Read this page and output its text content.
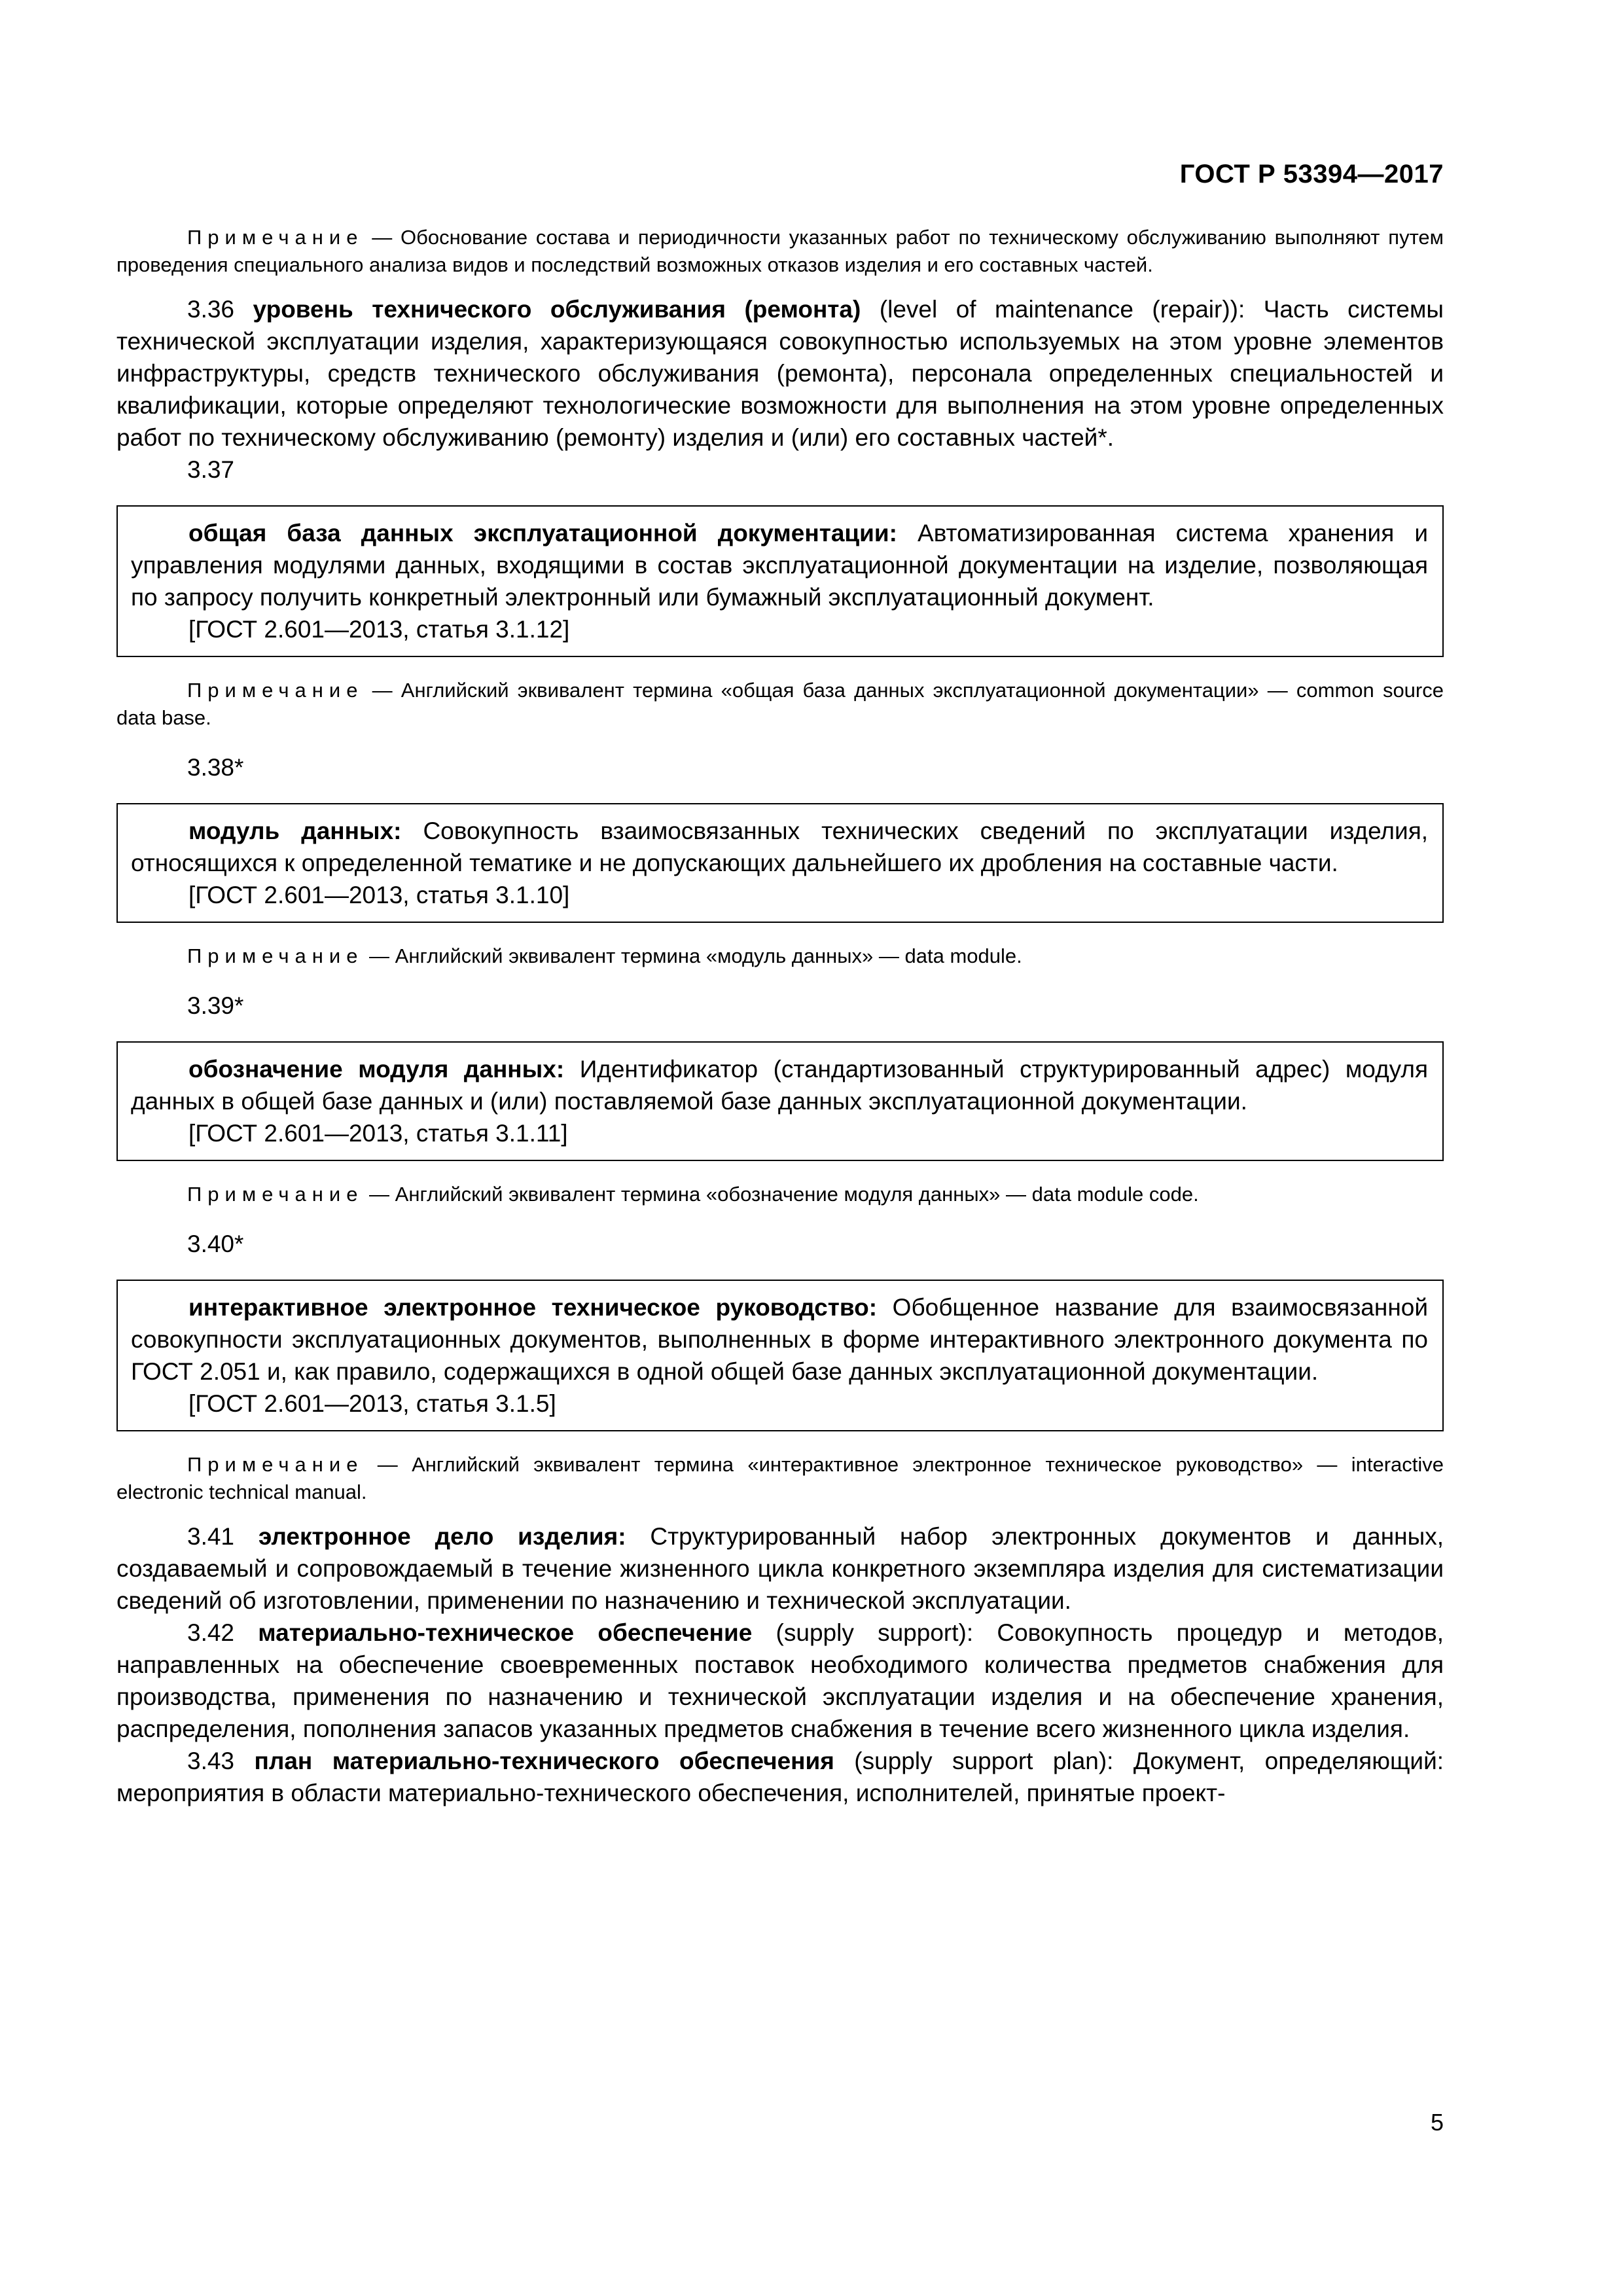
ГОСТ Р 53394—2017

Примечание — Обоснование состава и периодичности указанных работ по техническому обслуживанию выполняют путем проведения специального анализа видов и последствий возможных отказов изделия и его составных частей.

3.36 уровень технического обслуживания (ремонта) (level of maintenance (repair)): Часть системы технической эксплуатации изделия, характеризующаяся совокупностью используемых на этом уровне элементов инфраструктуры, средств технического обслуживания (ремонта), персонала определенных специальностей и квалификации, которые определяют технологические возможности для выполнения на этом уровне определенных работ по техническому обслуживанию (ремонту) изделия и (или) его составных частей*.

3.37

общая база данных эксплуатационной документации: Автоматизированная система хранения и управления модулями данных, входящими в состав эксплуатационной документации на изделие, позволяющая по запросу получить конкретный электронный или бумажный эксплуатационный документ.

[ГОСТ 2.601—2013, статья 3.1.12]

Примечание — Английский эквивалент термина «общая база данных эксплуатационной документации» — common source data base.

3.38*

модуль данных: Совокупность взаимосвязанных технических сведений по эксплуатации изделия, относящихся к определенной тематике и не допускающих дальнейшего их дробления на составные части.

[ГОСТ 2.601—2013, статья 3.1.10]

Примечание — Английский эквивалент термина «модуль данных» — data module.

3.39*

обозначение модуля данных: Идентификатор (стандартизованный структурированный адрес) модуля данных в общей базе данных и (или) поставляемой базе данных эксплуатационной документации.

[ГОСТ 2.601—2013, статья 3.1.11]

Примечание — Английский эквивалент термина «обозначение модуля данных» — data module code.

3.40*

интерактивное электронное техническое руководство: Обобщенное название для взаимосвязанной совокупности эксплуатационных документов, выполненных в форме интерактивного электронного документа по ГОСТ 2.051 и, как правило, содержащихся в одной общей базе данных эксплуатационной документации.

[ГОСТ 2.601—2013, статья 3.1.5]

Примечание — Английский эквивалент термина «интерактивное электронное техническое руководство» — interactive electronic technical manual.

3.41 электронное дело изделия: Структурированный набор электронных документов и данных, создаваемый и сопровождаемый в течение жизненного цикла конкретного экземпляра изделия для систематизации сведений об изготовлении, применении по назначению и технической эксплуатации.

3.42 материально-техническое обеспечение (supply support): Совокупность процедур и методов, направленных на обеспечение своевременных поставок необходимого количества предметов снабжения для производства, применения по назначению и технической эксплуатации изделия и на обеспечение хранения, распределения, пополнения запасов указанных предметов снабжения в течение всего жизненного цикла изделия.

3.43 план материально-технического обеспечения (supply support plan): Документ, определяющий: мероприятия в области материально-технического обеспечения, исполнителей, принятые проект-

5
